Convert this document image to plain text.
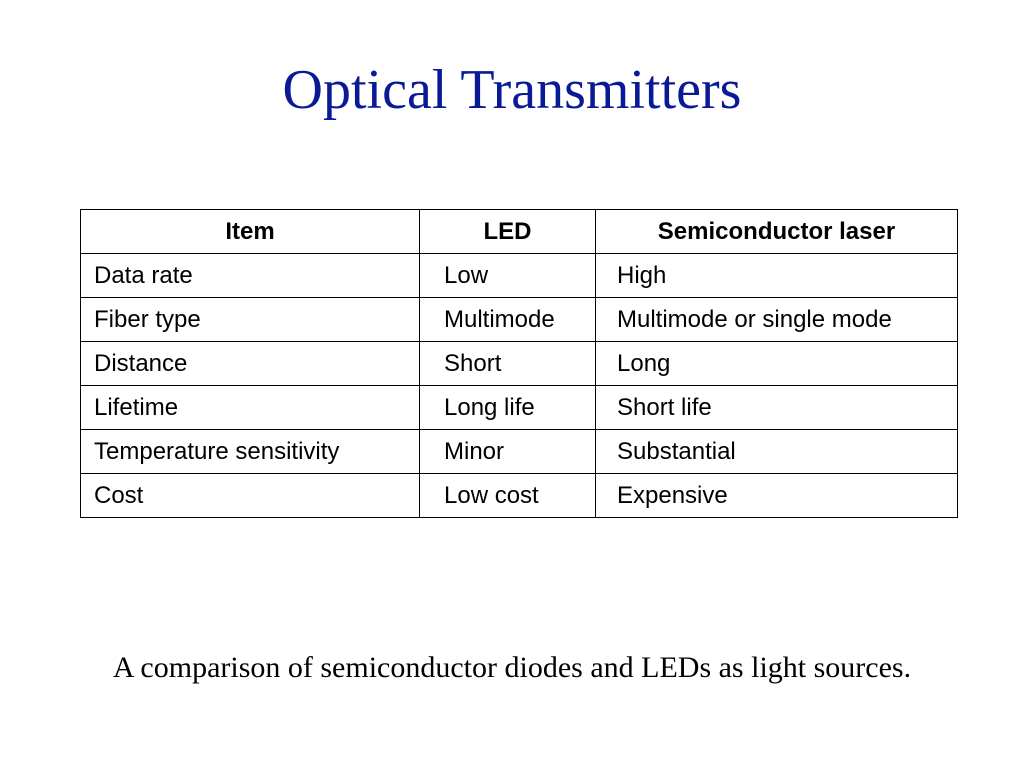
Optical Transmitters
Item	LED	Semiconductor laser
Data rate	Low	High
Fiber type	Multimode	Multimode or single mode
Distance	Short	Long
Lifetime	Long life	Short life
Temperature sensitivity	Minor	Substantial
Cost	Low cost	Expensive

A comparison of semiconductor diodes and LEDs as light sources.
